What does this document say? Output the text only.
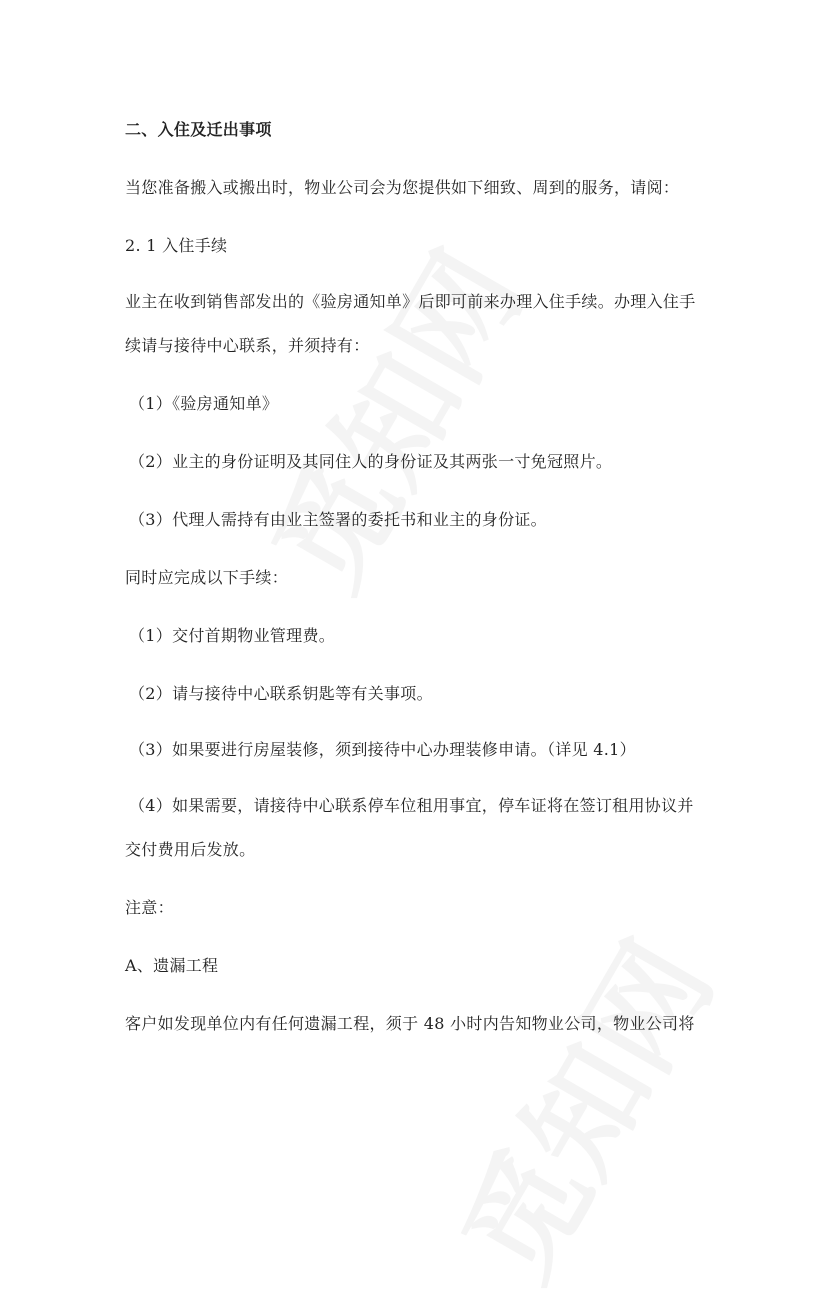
二、入住及迁出事项
当您准备搬入或搬出时，物业公司会为您提供如下细致、周到的服务，请阅：
2. 1 入住手续
业主在收到销售部发出的《验房通知单》后即可前来办理入住手续。办理入住手
续请与接待中心联系，并须持有：
（1）《验房通知单》
（2）业主的身份证明及其同住人的身份证及其两张一寸免冠照片。
（3）代理人需持有由业主签署的委托书和业主的身份证。
同时应完成以下手续：
（1）交付首期物业管理费。
（2）请与接待中心联系钥匙等有关事项。
（3）如果要进行房屋装修，须到接待中心办理装修申请。（详见 4.1）
（4）如果需要，请接待中心联系停车位租用事宜，停车证将在签订租用协议并
交付费用后发放。
注意：
A、遗漏工程
客户如发现单位内有任何遗漏工程，须于 48 小时内告知物业公司，物业公司将
